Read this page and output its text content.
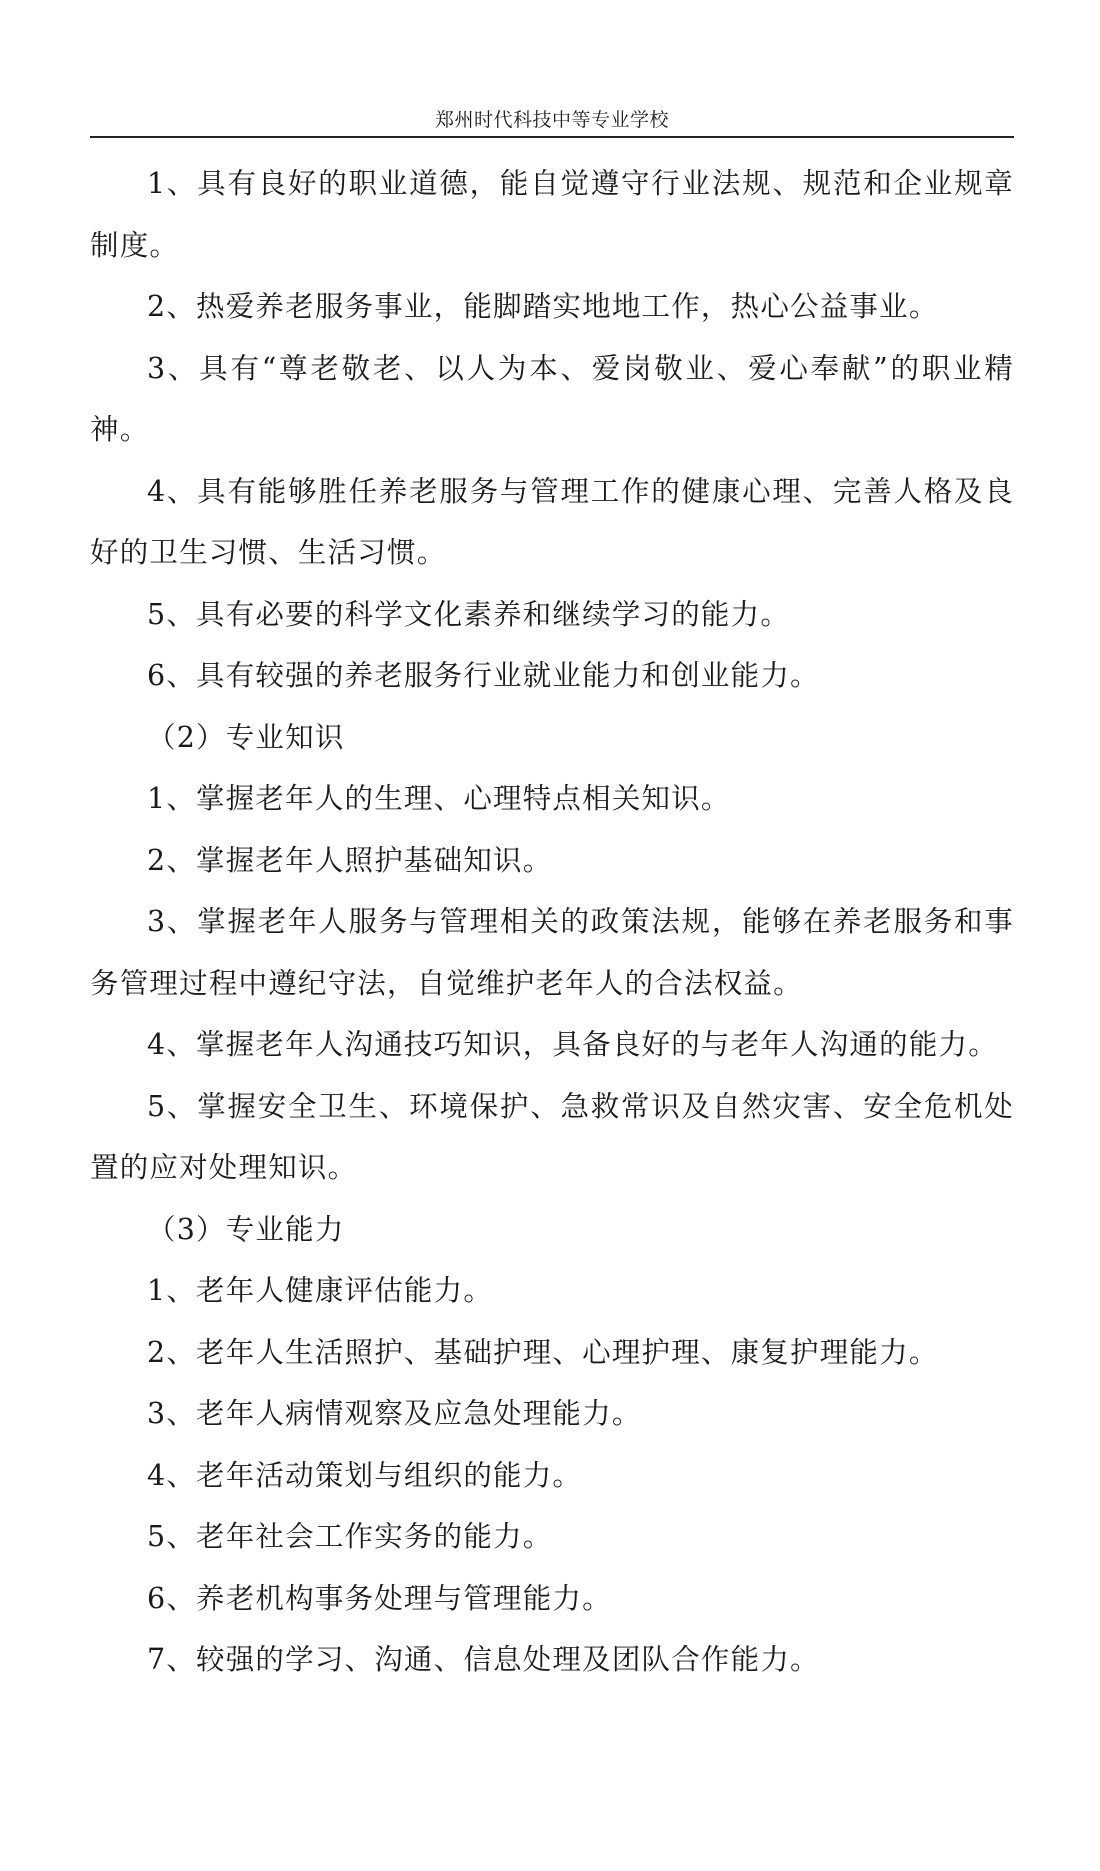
郑州时代科技中等专业学校

1、具有良好的职业道德，能自觉遵守行业法规、规范和企业规章制度。

2、热爱养老服务事业，能脚踏实地地工作，热心公益事业。

3、具有“尊老敬老、以人为本、爱岗敬业、爱心奉献”的职业精神。

4、具有能够胜任养老服务与管理工作的健康心理、完善人格及良好的卫生习惯、生活习惯。

5、具有必要的科学文化素养和继续学习的能力。

6、具有较强的养老服务行业就业能力和创业能力。

（2）专业知识

1、掌握老年人的生理、心理特点相关知识。

2、掌握老年人照护基础知识。

3、掌握老年人服务与管理相关的政策法规，能够在养老服务和事务管理过程中遵纪守法，自觉维护老年人的合法权益。

4、掌握老年人沟通技巧知识，具备良好的与老年人沟通的能力。

5、掌握安全卫生、环境保护、急救常识及自然灾害、安全危机处置的应对处理知识。

（3）专业能力

1、老年人健康评估能力。

2、老年人生活照护、基础护理、心理护理、康复护理能力。

3、老年人病情观察及应急处理能力。

4、老年活动策划与组织的能力。

5、老年社会工作实务的能力。

6、养老机构事务处理与管理能力。

7、较强的学习、沟通、信息处理及团队合作能力。
